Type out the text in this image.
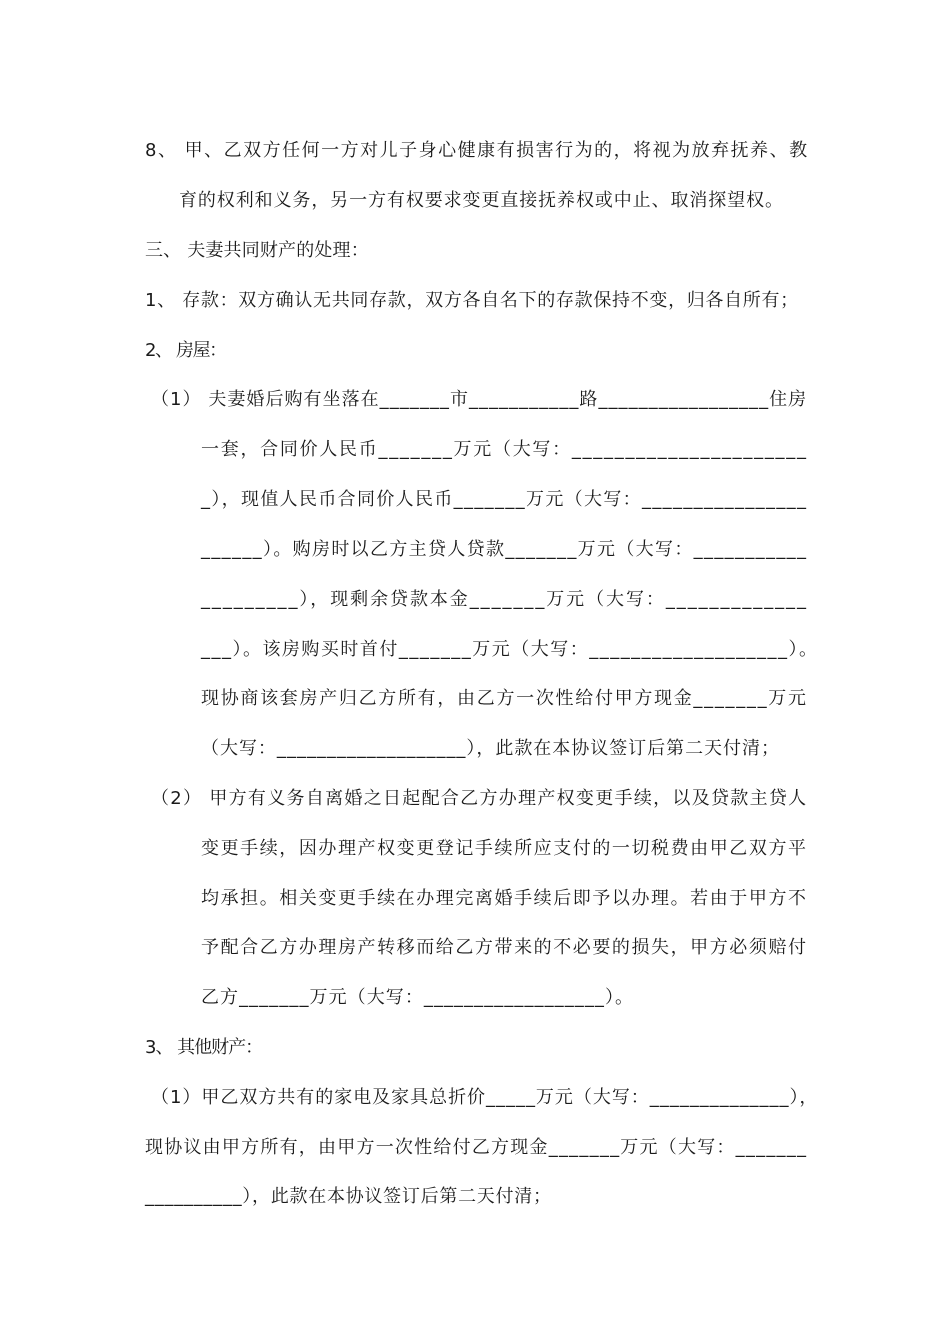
8、 甲、乙双方任何一方对儿子身心健康有损害行为的，将视为放弃抚养、教
育的权利和义务，另一方有权要求变更直接抚养权或中止、取消探望权。
三、 夫妻共同财产的处理：
1、 存款：双方确认无共同存款，双方各自名下的存款保持不变，归各自所有；
2、 房屋：
（1） 夫妻婚后购有坐落在_______市___________路_________________住房
一套，合同价人民币_______万元（大写：______________________
_），现值人民币合同价人民币_______万元（大写：________________
______）。购房时以乙方主贷人贷款_______万元（大写：___________
_________），现剩余贷款本金_______万元（大写：_____________
___）。该房购买时首付_______万元（大写：___________________）。
现协商该套房产归乙方所有，由乙方一次性给付甲方现金_______万元
（大写：___________________），此款在本协议签订后第二天付清；
（2） 甲方有义务自离婚之日起配合乙方办理产权变更手续，以及贷款主贷人
变更手续，因办理产权变更登记手续所应支付的一切税费由甲乙双方平
均承担。相关变更手续在办理完离婚手续后即予以办理。若由于甲方不
予配合乙方办理房产转移而给乙方带来的不必要的损失，甲方必须赔付
乙方_______万元（大写：__________________）。
3、 其他财产：
（1）甲乙双方共有的家电及家具总折价_____万元（大写：______________），
现协议由甲方所有，由甲方一次性给付乙方现金_______万元（大写：_______
__________），此款在本协议签订后第二天付清；
